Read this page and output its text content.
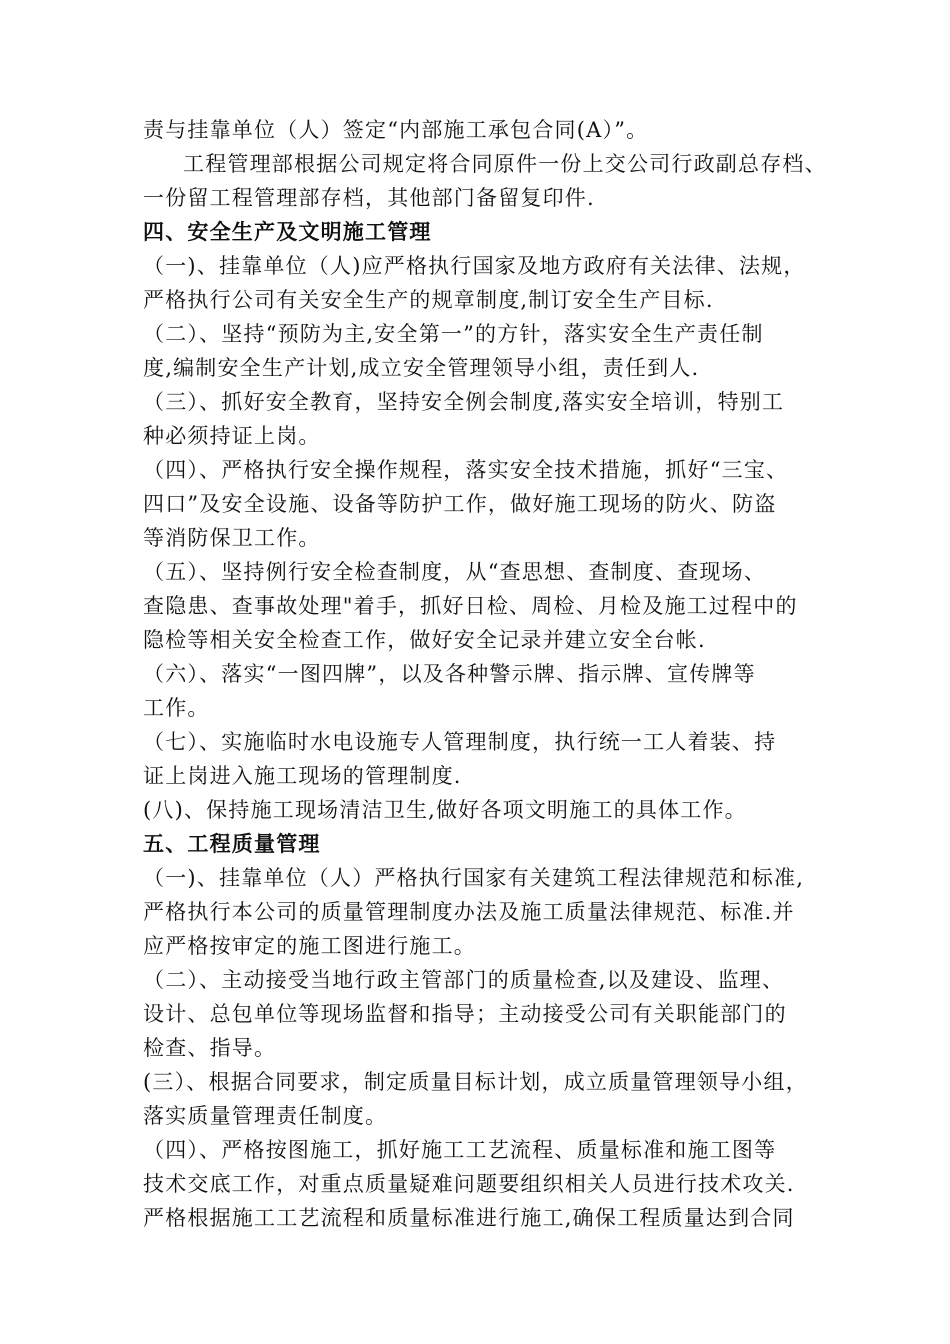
责与挂靠单位（人）签定“内部施工承包合同(A）”。
工程管理部根据公司规定将合同原件一份上交公司行政副总存档、
一份留工程管理部存档，其他部门备留复印件.
四、安全生产及文明施工管理
（一)、挂靠单位（人)应严格执行国家及地方政府有关法律、法规，
严格执行公司有关安全生产的规章制度,制订安全生产目标.
（二）、坚持“预防为主,安全第一”的方针，落实安全生产责任制
度,编制安全生产计划,成立安全管理领导小组，责任到人.
（三）、抓好安全教育，坚持安全例会制度,落实安全培训，特别工
种必须持证上岗。
（四）、严格执行安全操作规程，落实安全技术措施，抓好“三宝、
四口”及安全设施、设备等防护工作，做好施工现场的防火、防盗
等消防保卫工作。
（五）、坚持例行安全检查制度，从“查思想、查制度、查现场、
查隐患、查事故处理"着手，抓好日检、周检、月检及施工过程中的
隐检等相关安全检查工作，做好安全记录并建立安全台帐.
（六）、落实“一图四牌”，以及各种警示牌、指示牌、宣传牌等
工作。
（七）、实施临时水电设施专人管理制度，执行统一工人着装、持
证上岗进入施工现场的管理制度.
(八)、保持施工现场清洁卫生,做好各项文明施工的具体工作。
五、工程质量管理
（一)、挂靠单位（人）严格执行国家有关建筑工程法律规范和标准,
严格执行本公司的质量管理制度办法及施工质量法律规范、标准.并
应严格按审定的施工图进行施工。
（二）、主动接受当地行政主管部门的质量检查,以及建设、监理、
设计、总包单位等现场监督和指导；主动接受公司有关职能部门的
检查、指导。
(三）、根据合同要求，制定质量目标计划，成立质量管理领导小组，
落实质量管理责任制度。
（四）、严格按图施工，抓好施工工艺流程、质量标准和施工图等
技术交底工作，对重点质量疑难问题要组织相关人员进行技术攻关.
严格根据施工工艺流程和质量标准进行施工,确保工程质量达到合同
